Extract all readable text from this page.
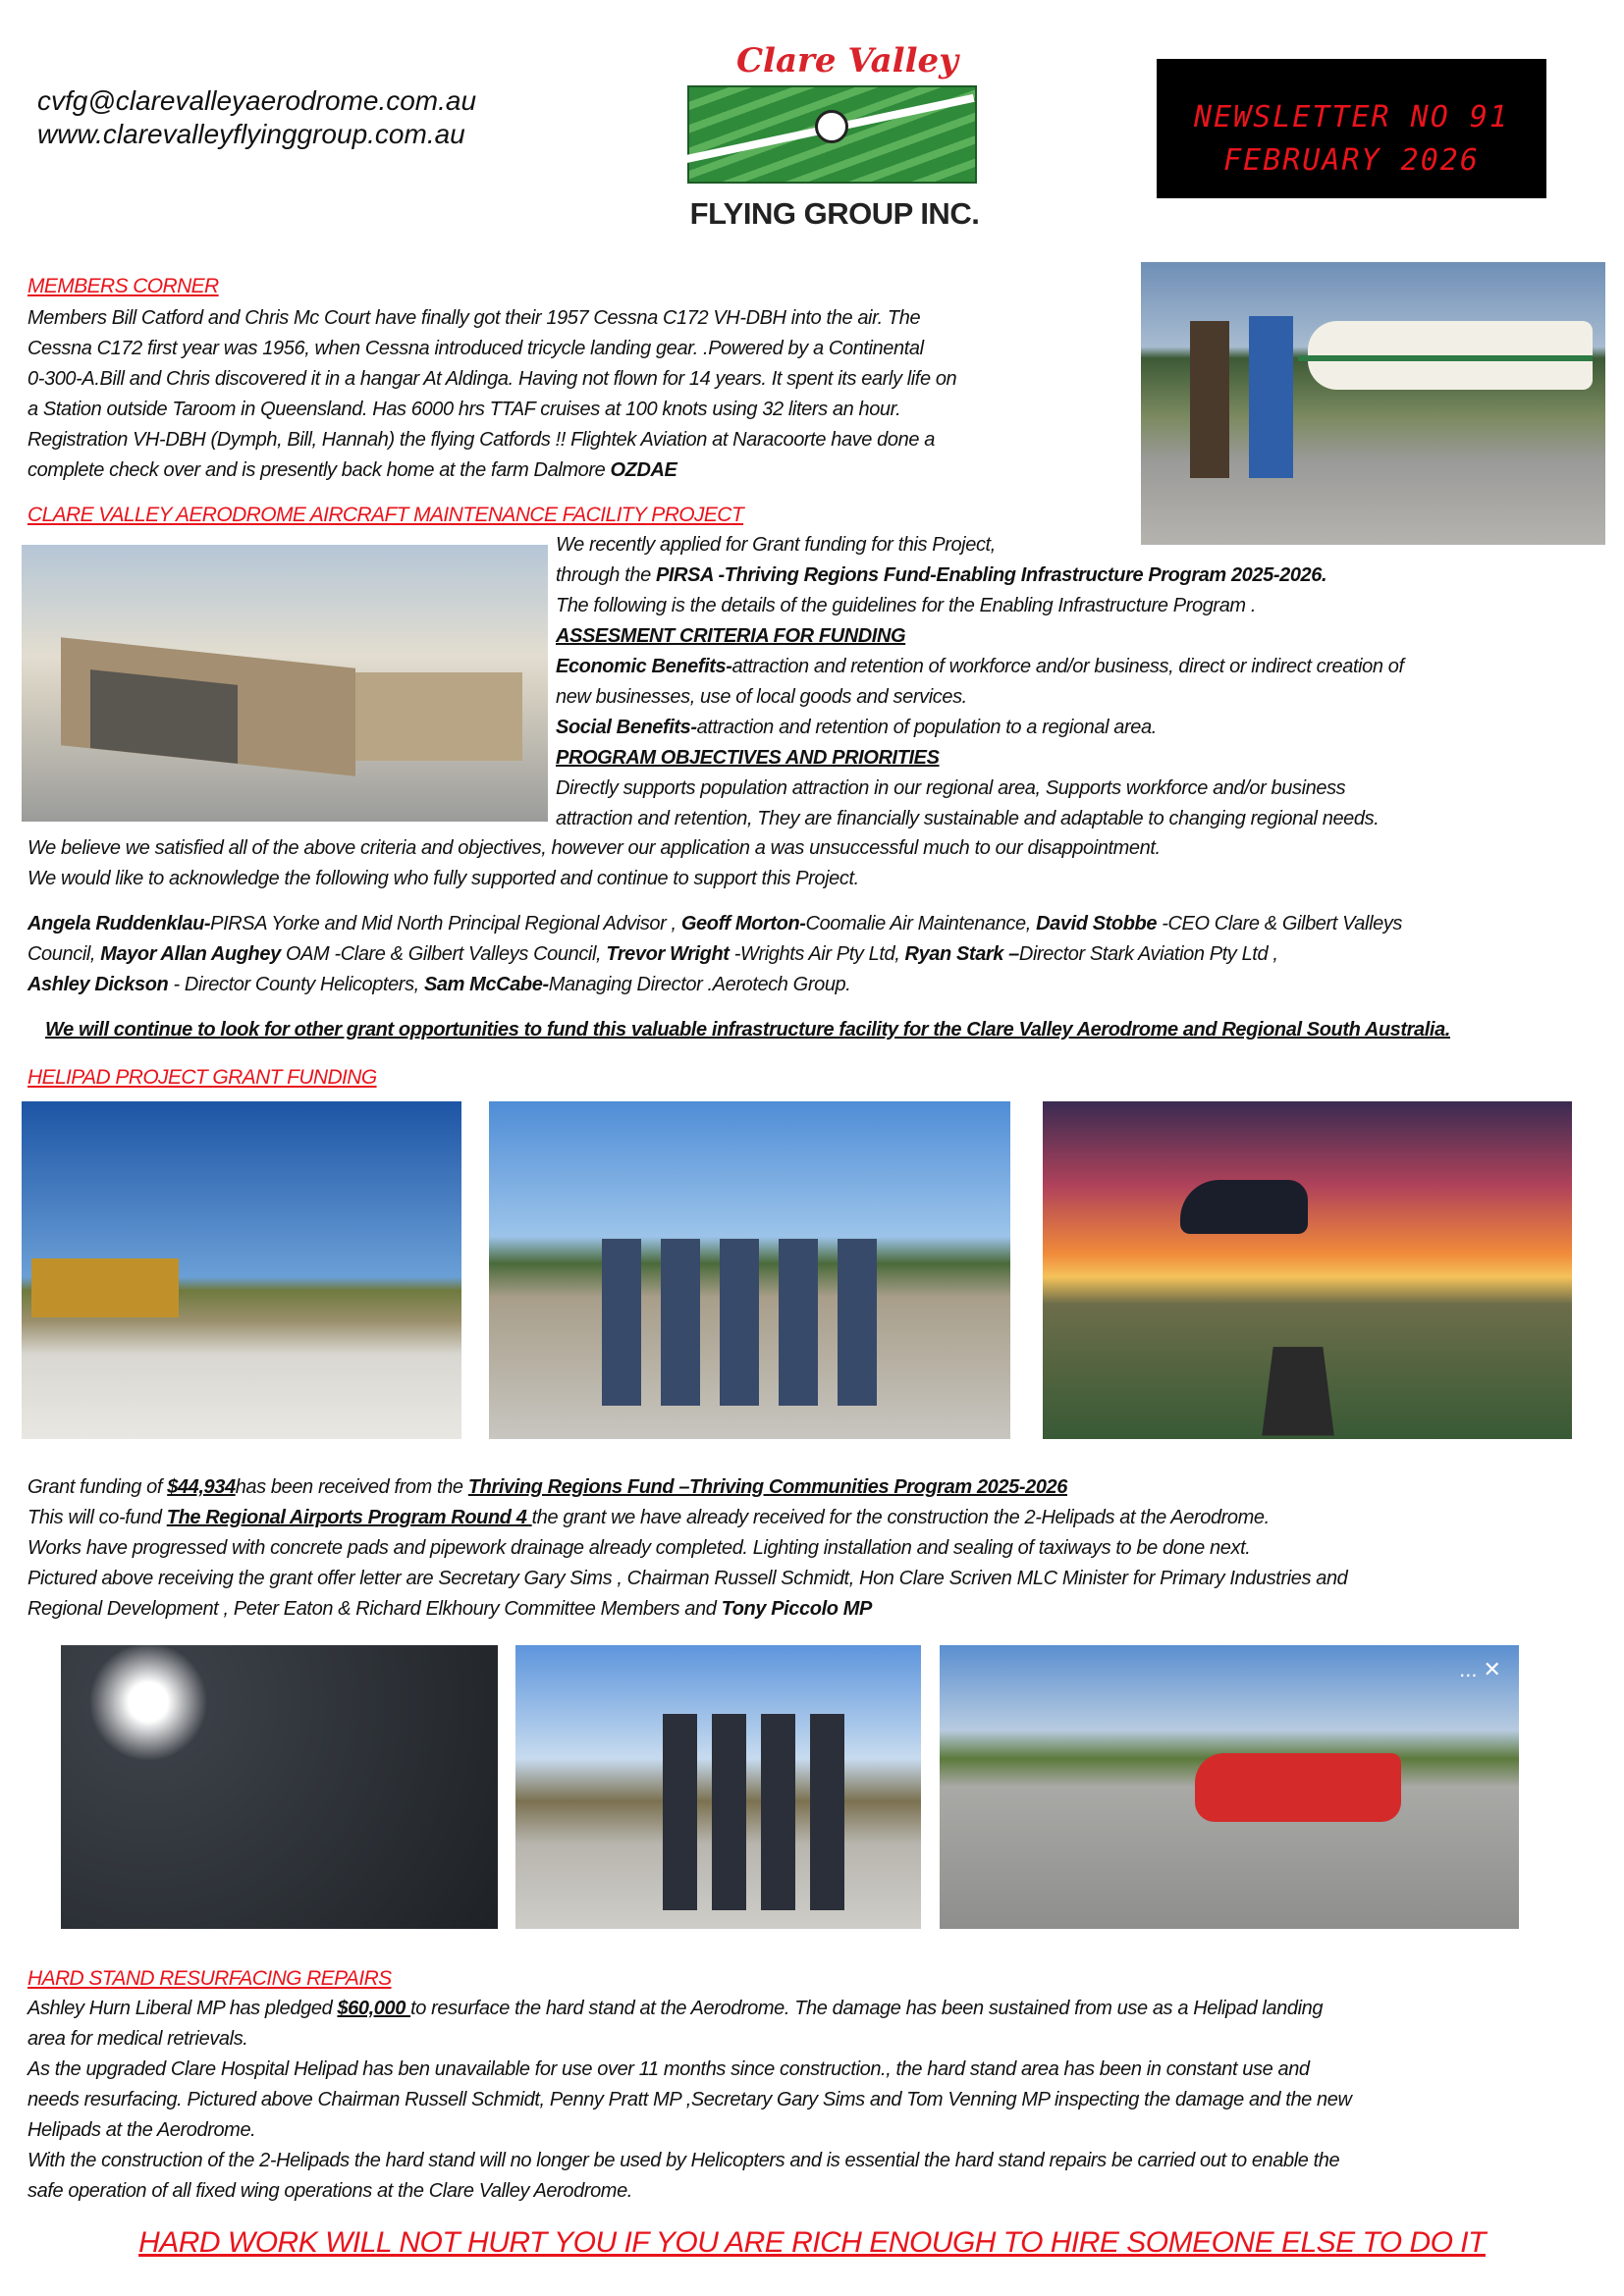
cvfg@clarevalleyaerodrome.com.au
www.clarevalleyflyinggroup.com.au
Clare Valley
FLYING GROUP INC.
NEWSLETTER NO 91
FEBRUARY 2026
MEMBERS CORNER
Members Bill Catford and Chris Mc Court have finally got their 1957 Cessna C172 VH-DBH into the air. The
Cessna C172 first year was 1956, when Cessna introduced tricycle landing gear. .Powered by a Continental
0-300-A.Bill and Chris discovered it in a hangar At Aldinga. Having not flown for 14 years. It spent its early life on
a Station outside Taroom in Queensland. Has 6000 hrs TTAF cruises at 100 knots using 32 liters an hour.
Registration VH-DBH (Dymph, Bill, Hannah) the flying Catfords !! Flightek Aviation at Naracoorte have done a
complete check over and is presently back home at the farm Dalmore OZDAE
CLARE VALLEY AERODROME AIRCRAFT MAINTENANCE FACILITY PROJECT
We recently applied for Grant funding for this Project,
through the PIRSA -Thriving Regions Fund-Enabling Infrastructure Program 2025-2026.
The following is the details of the guidelines for the Enabling Infrastructure Program .
ASSESMENT CRITERIA FOR FUNDING
Economic Benefits-attraction and retention of workforce and/or business, direct or indirect creation of
new businesses, use of local goods and services.
Social Benefits-attraction and retention of population to a regional area.
PROGRAM OBJECTIVES AND PRIORITIES
Directly supports population attraction in our regional area, Supports workforce and/or business
attraction and retention, They are financially sustainable and adaptable to changing regional needs.
We believe we satisfied all of the above criteria and objectives, however our application a was unsuccessful much to our disappointment.
We would like to acknowledge the following who fully supported and continue to support this Project.
Angela Ruddenklau-PIRSA Yorke and Mid North Principal Regional Advisor , Geoff Morton-Coomalie Air Maintenance, David Stobbe -CEO Clare & Gilbert Valleys
Council, Mayor Allan Aughey OAM -Clare & Gilbert Valleys Council, Trevor Wright -Wrights Air Pty Ltd, Ryan Stark –Director Stark Aviation Pty Ltd ,
Ashley Dickson - Director County Helicopters, Sam McCabe-Managing Director .Aerotech Group.
We will continue to look for other grant opportunities to fund this valuable infrastructure facility for the Clare Valley Aerodrome and Regional South Australia.
HELIPAD PROJECT GRANT FUNDING
Grant funding of $44,934has been received from the Thriving Regions Fund –Thriving Communities Program 2025-2026
This will co-fund The Regional Airports Program Round 4 the grant we have already received for the construction the 2-Helipads at the Aerodrome.
Works have progressed with concrete pads and pipework drainage already completed. Lighting installation and sealing of taxiways to be done next.
Pictured above receiving the grant offer letter are Secretary Gary Sims , Chairman Russell Schmidt, Hon Clare Scriven MLC Minister for Primary Industries and
Regional Development , Peter Eaton & Richard Elkhoury Committee Members and Tony Piccolo MP
... ✕
HARD STAND RESURFACING REPAIRS
Ashley Hurn Liberal MP has pledged $60,000 to resurface the hard stand at the Aerodrome. The damage has been sustained from use as a Helipad landing
area for medical retrievals.
As the upgraded Clare Hospital Helipad has ben unavailable for use over 11 months since construction., the hard stand area has been in constant use and
needs resurfacing. Pictured above Chairman Russell Schmidt, Penny Pratt MP ,Secretary Gary Sims and Tom Venning MP inspecting the damage and the new
Helipads at the Aerodrome.
With the construction of the 2-Helipads the hard stand will no longer be used by Helicopters and is essential the hard stand repairs be carried out to enable the
safe operation of all fixed wing operations at the Clare Valley Aerodrome.
HARD WORK WILL NOT HURT YOU IF YOU ARE RICH ENOUGH TO HIRE SOMEONE ELSE TO DO IT
